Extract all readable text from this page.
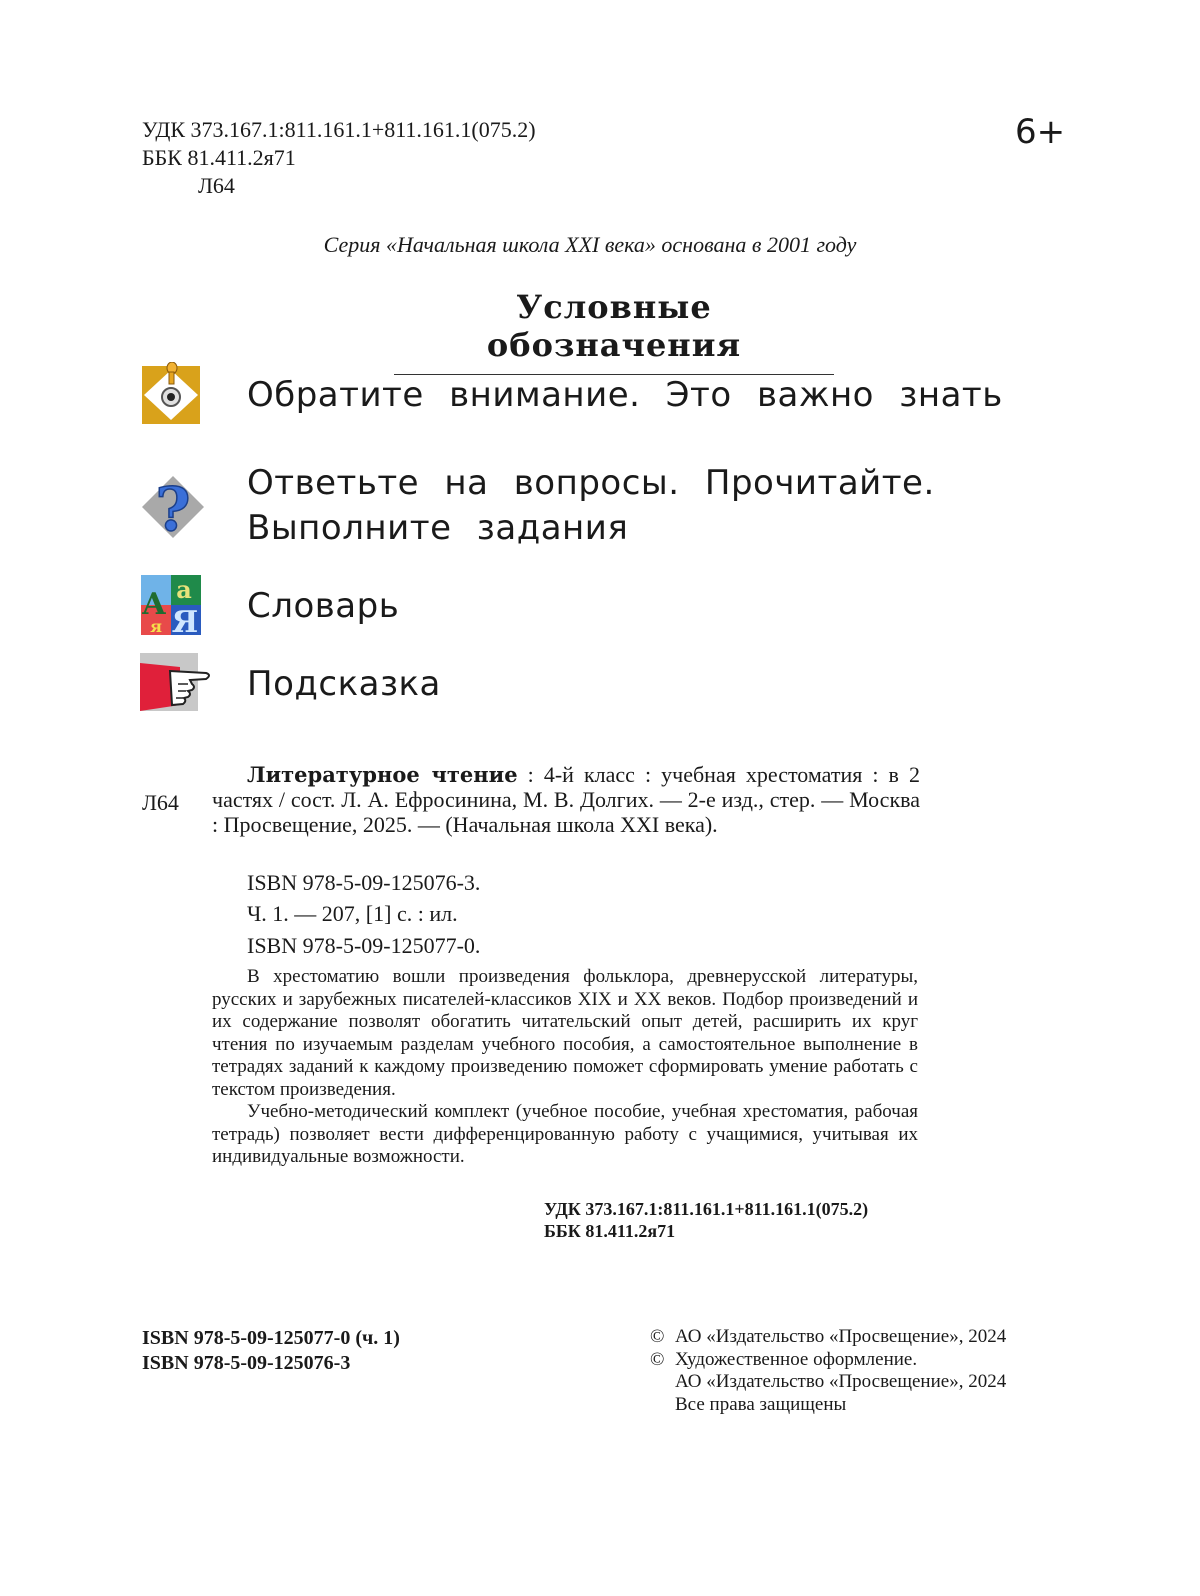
УДК 373.167.1:811.161.1+811.161.1(075.2)
ББК 81.411.2я71
Л64
6+
Серия «Начальная школа XXI века» основана в 2001 году
Условные обозначения
Обратите внимание. Это важно знать
? Ответьте на вопросы. Прочитайте.
Выполните задания
А а
я Я Словарь
Подсказка
Л64
Литературное чтение : 4-й класс : учебная хрестоматия : в 2 частях / сост. Л. А. Ефросинина, М. В. Долгих. — 2-е изд., стер. — Москва : Просвещение, 2025. — (Начальная школа XXI века).
ISBN 978-5-09-125076-3.
Ч. 1. — 207, [1] с. : ил.
ISBN 978-5-09-125077-0.

В хрестоматию вошли произведения фольклора, древнерусской литературы, русских и зарубежных писателей-классиков XIX и XX веков. Подбор произведений и их содержание позволят обогатить читательский опыт детей, расширить их круг чтения по изучаемым разделам учебного пособия, а самостоятельное выполнение в тетрадях заданий к каждому произведению поможет сформировать умение работать с текстом произведения.

Учебно-методический комплект (учебное пособие, учебная хрестоматия, рабочая тетрадь) позволяет вести дифференцированную работу с учащимися, учитывая их индивидуальные возможности.

УДК 373.167.1:811.161.1+811.161.1(075.2)
ББК 81.411.2я71
ISBN 978-5-09-125077-0 (ч. 1)
ISBN 978-5-09-125076-3
© АО «Издательство «Просвещение», 2024
© Художественное оформление.
АО «Издательство «Просвещение», 2024
Все права защищены
